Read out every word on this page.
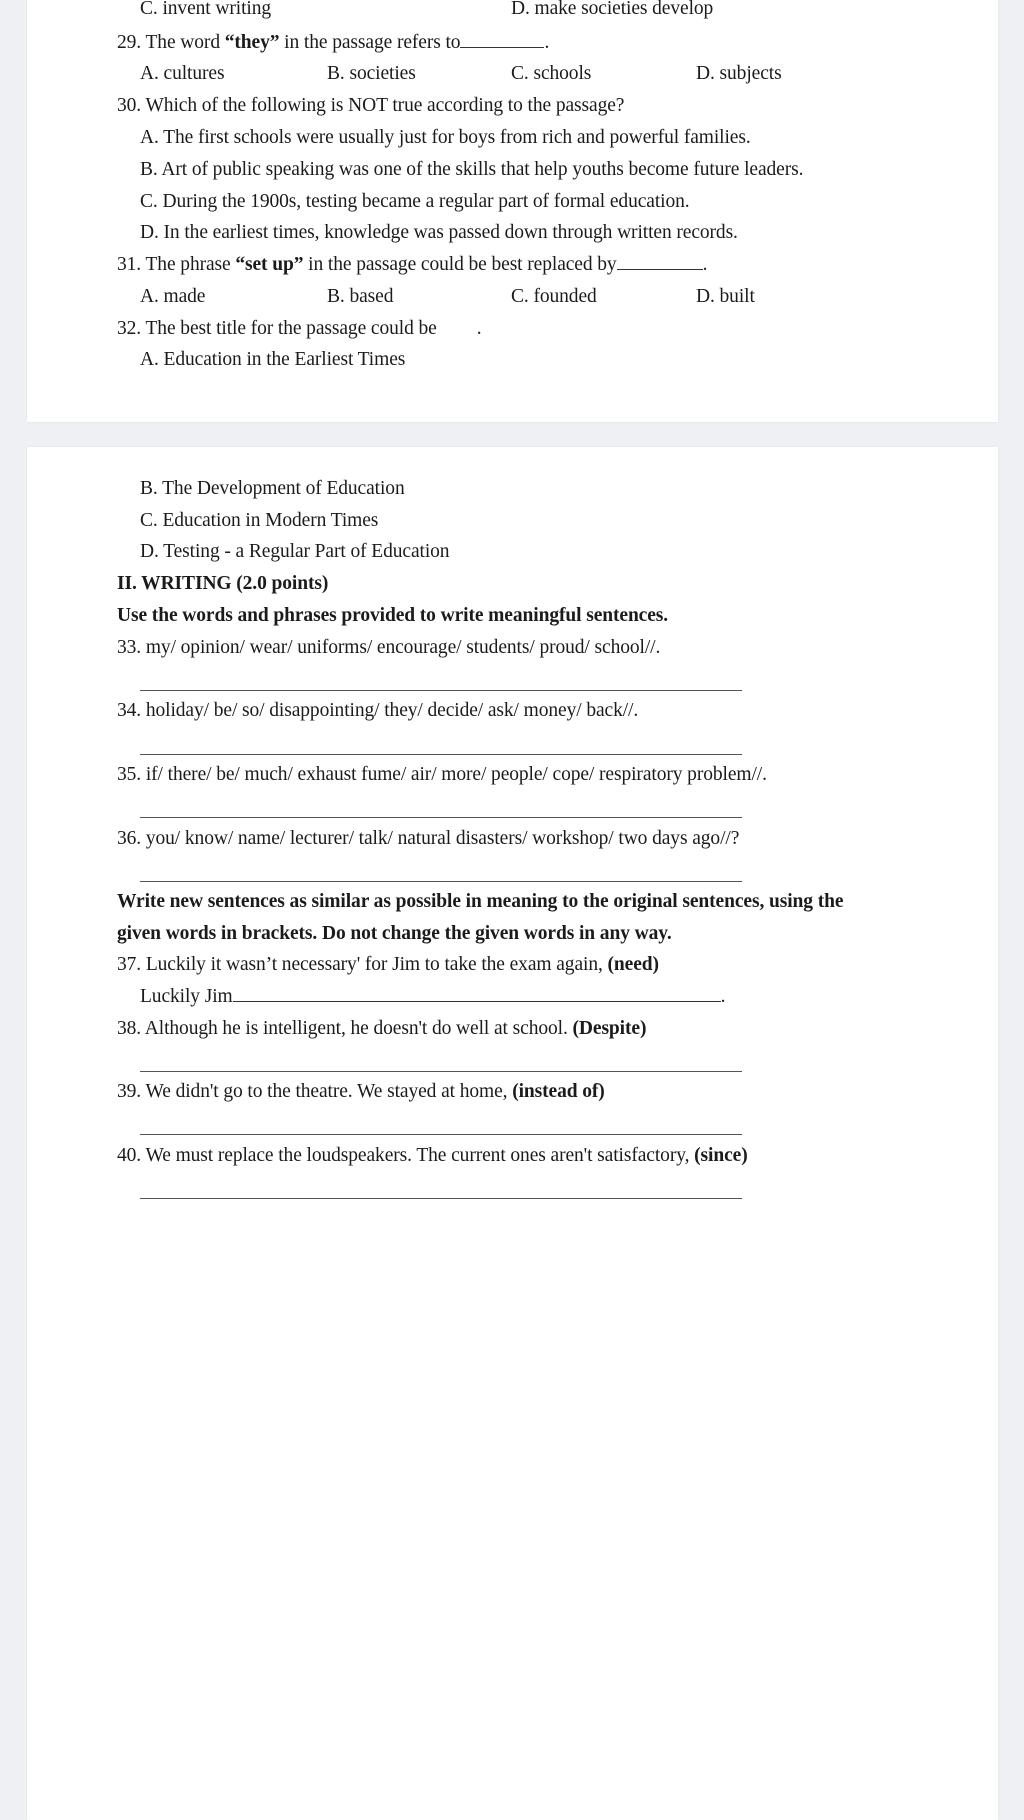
C. invent writing	D. make societies develop
29. The word “they” in the passage refers to	.
A. cultures	B. societies	C. schools	D. subjects
30. Which of the following is NOT true according to the passage?
A. The first schools were usually just for boys from rich and powerful families.
B. Art of public speaking was one of the skills that help youths become future leaders.
C. During the 1900s, testing became a regular part of formal education.
D. In the earliest times, knowledge was passed down through written records.
31. The phrase “set up” in the passage could be best replaced by	.
A. made	B. based	C. founded	D. built
32. The best title for the passage could be .
A. Education in the Earliest Times
B. The Development of Education
C. Education in Modern Times
D. Testing - a Regular Part of Education
II. WRITING (2.0 points)
Use the words and phrases provided to write meaningful sentences.
33. my/ opinion/ wear/ uniforms/ encourage/ students/ proud/ school//.
34. holiday/ be/ so/ disappointing/ they/ decide/ ask/ money/ back//.
35. if/ there/ be/ much/ exhaust fume/ air/ more/ people/ cope/ respiratory problem//.
36. you/ know/ name/ lecturer/ talk/ natural disasters/ workshop/ two days ago//?
Write new sentences as similar as possible in meaning to the original sentences, using the
given words in brackets. Do not change the given words in any way.
37. Luckily it wasn’t necessary' for Jim to take the exam again, (need)
Luckily Jim	.
38. Although he is intelligent, he doesn't do well at school. (Despite)
39. We didn't go to the theatre. We stayed at home, (instead of)
40. We must replace the loudspeakers. The current ones aren't satisfactory, (since)
